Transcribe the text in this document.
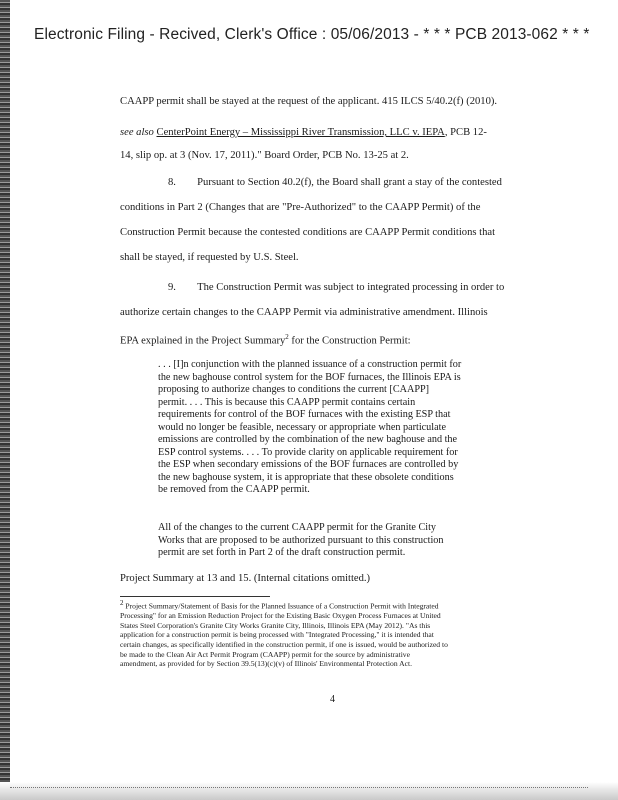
Electronic Filing - Recived, Clerk's Office : 05/06/2013 - * * * PCB 2013-062 * * *
CAAPP permit shall be stayed at the request of the applicant. 415 ILCS 5/40.2(f) (2010).
see also CenterPoint Energy – Mississippi River Transmission, LLC v. IEPA, PCB 12-
14, slip op. at 3 (Nov. 17, 2011)." Board Order, PCB No. 13-25 at 2.
8. Pursuant to Section 40.2(f), the Board shall grant a stay of the contested
conditions in Part 2 (Changes that are "Pre-Authorized" to the CAAPP Permit) of the
Construction Permit because the contested conditions are CAAPP Permit conditions that
shall be stayed, if requested by U.S. Steel.
9. The Construction Permit was subject to integrated processing in order to
authorize certain changes to the CAAPP Permit via administrative amendment. Illinois
EPA explained in the Project Summary$^2$ for the Construction Permit:
. . . [I]n conjunction with the planned issuance of a construction permit for
the new baghouse control system for the BOF furnaces, the Illinois EPA is
proposing to authorize changes to conditions the current [CAAPP]
permit. . . . This is because this CAAPP permit contains certain
requirements for control of the BOF furnaces with the existing ESP that
would no longer be feasible, necessary or appropriate when particulate
emissions are controlled by the combination of the new baghouse and the
ESP control systems. . . . To provide clarity on applicable requirement for
the ESP when secondary emissions of the BOF furnaces are controlled by
the new baghouse system, it is appropriate that these obsolete conditions
be removed from the CAAPP permit.
All of the changes to the current CAAPP permit for the Granite City
Works that are proposed to be authorized pursuant to this construction
permit are set forth in Part 2 of the draft construction permit.
Project Summary at 13 and 15. (Internal citations omitted.)
$^2$ Project Summary/Statement of Basis for the Planned Issuance of a Construction Permit with Integrated
Processing" for an Emission Reduction Project for the Existing Basic Oxygen Process Furnaces at United
States Steel Corporation's Granite City Works Granite City, Illinois, Illinois EPA (May 2012). "As this
application for a construction permit is being processed with "Integrated Processing," it is intended that
certain changes, as specifically identified in the construction permit, if one is issued, would be authorized to
be made to the Clean Air Act Permit Program (CAAPP) permit for the source by administrative
amendment, as provided for by Section 39.5(13)(c)(v) of Illinois' Environmental Protection Act.
4
